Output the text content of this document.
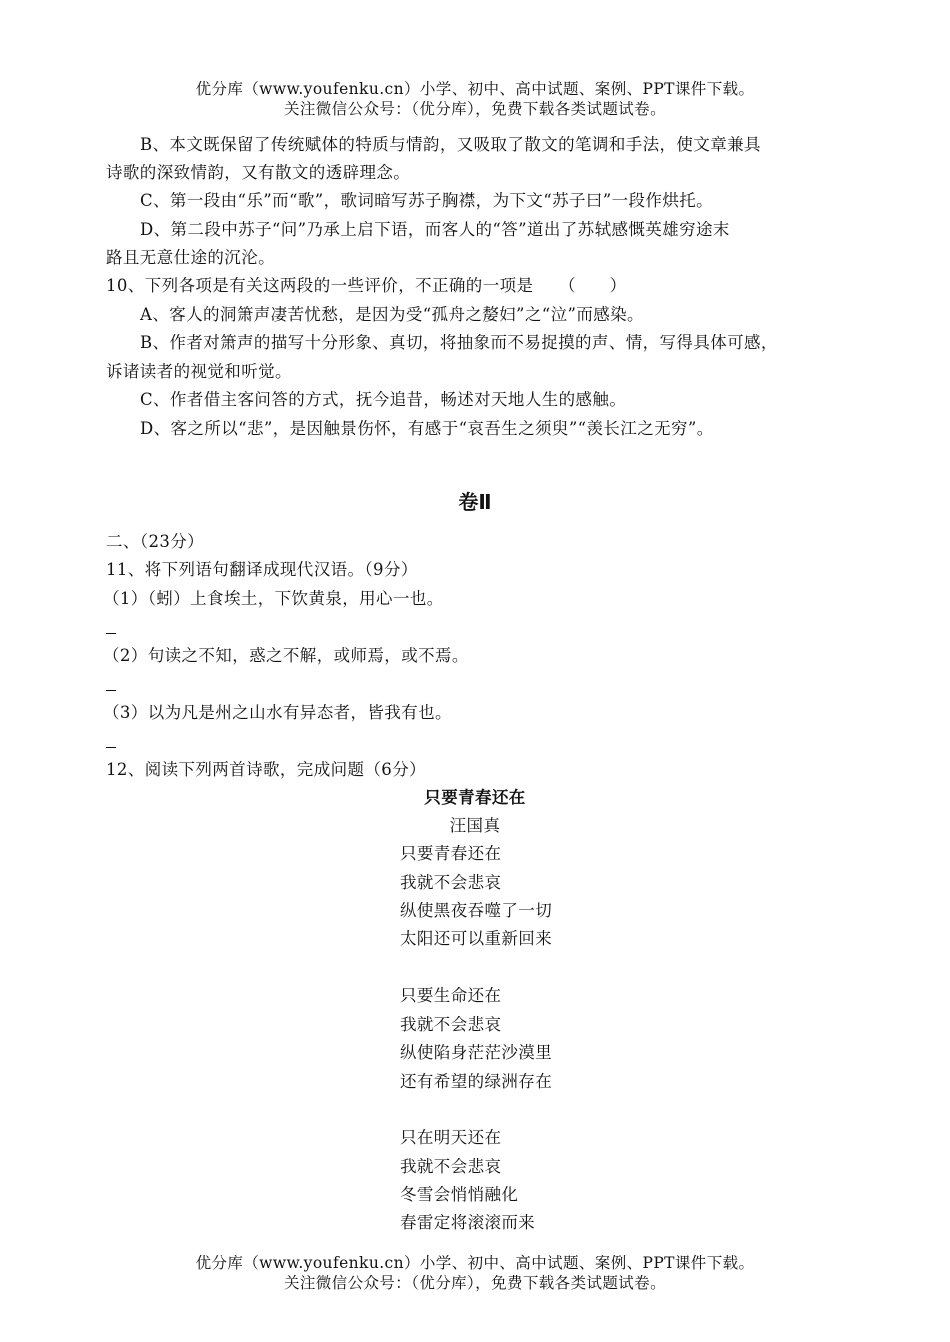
优分库（www.youfenku.cn）小学、初中、高中试题、案例、PPT课件下载。
关注微信公众号：（优分库），免费下载各类试题试卷。
B、本文既保留了传统赋体的特质与情韵，又吸取了散文的笔调和手法，使文章兼具
诗歌的深致情韵，又有散文的透辟理念。
C、第一段由“乐”而“歌”，歌词暗写苏子胸襟，为下文“苏子曰”一段作烘托。
D、第二段中苏子“问”乃承上启下语，而客人的“答”道出了苏轼感慨英雄穷途末
路且无意仕途的沉沦。
10、下列各项是有关这两段的一些评价，不正确的一项是　　（　　）
A、客人的洞箫声凄苦忧愁，是因为受“孤舟之嫠妇”之“泣”而感染。
B、作者对箫声的描写十分形象、真切，将抽象而不易捉摸的声、情，写得具体可感，
诉诸读者的视觉和听觉。
C、作者借主客问答的方式，抚今追昔，畅述对天地人生的感触。
D、客之所以“悲”，是因触景伤怀，有感于“哀吾生之须臾”“羡长江之无穷”。
卷Ⅱ
二、（23分）
11、将下列语句翻译成现代汉语。（9分）
（1）（蚓）上食埃土，下饮黄泉，用心一也。
（2）句读之不知，惑之不解，或师焉，或不焉。
（3）以为凡是州之山水有异态者，皆我有也。
12、阅读下列两首诗歌，完成问题（6分）
只要青春还在
汪国真
只要青春还在
我就不会悲哀
纵使黑夜吞噬了一切
太阳还可以重新回来
只要生命还在
我就不会悲哀
纵使陷身茫茫沙漠里
还有希望的绿洲存在
只在明天还在
我就不会悲哀
冬雪会悄悄融化
春雷定将滚滚而来
优分库（www.youfenku.cn）小学、初中、高中试题、案例、PPT课件下载。
关注微信公众号：（优分库），免费下载各类试题试卷。
